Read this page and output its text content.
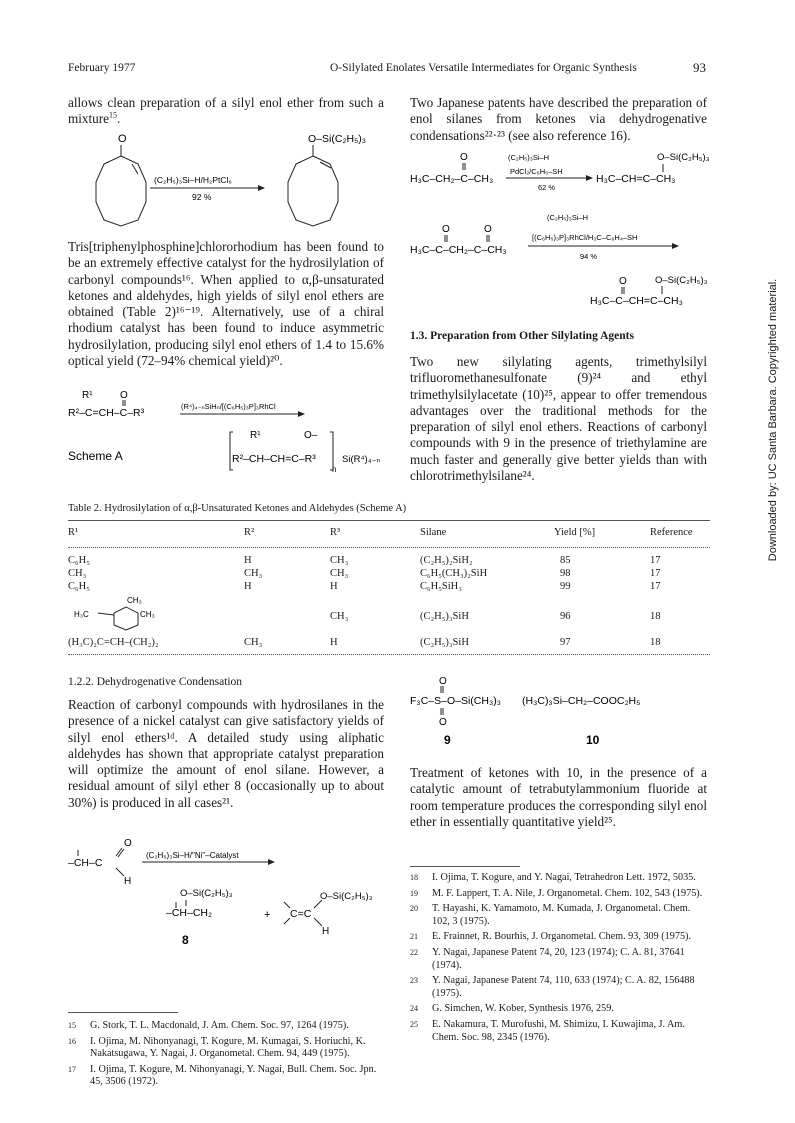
February 1977	O-Silylated Enolates Versatile Intermediates for Organic Synthesis	93
allows clean preparation of a silyl enol ether from such a mixture$^{15}$.
O
(C₂H₅)₃Si–H/H₂PtCl₆
92 %
O–Si(C₂H₅)₃
Tris[triphenylphosphine]chlororhodium has been found to be an extremely effective catalyst for the hydrosilylation of carbonyl compounds¹⁶. When applied to α,β-unsaturated ketones and aldehydes, high yields of silyl enol ethers are obtained (Table 2)¹⁶⁻¹⁹. Alternatively, use of a chiral rhodium catalyst has been found to induce asymmetric hydrosilylation, producing silyl enol ethers of 1.4 to 15.6% optical yield (72–94% chemical yield)²⁰.
R¹	O
R²–C=CH–C–R³
(R⁴)₄₋ₙSiHₙ/[(C₆H₅)₃P]₃RhCl
Scheme A
R¹	O–
R²–CH–CH=C–R³
n
Si(R⁴)₄₋ₙ
Two Japanese patents have described the preparation of enol silanes from ketones via dehydrogenative condensations²²·²³ (see also reference 16).
O
H₃C–CH₂–C–CH₃
(C₂H₅)₃Si–H
PdCl₂/C₆H₅–SH
62 %
H₃C–CH=C–CH₃
O–Si(C₂H₅)₃
O	O
H₃C–C–CH₂–C–CH₃
(C₂H₅)₃Si–H
[(C₆H₅)₃P]₃RhCl/H₃C–C₆H₄–SH
94 %
H₃C–C–CH=C–CH₃
O	O–Si(C₂H₅)₃
1.3. Preparation from Other Silylating Agents
Two new silylating agents, trimethylsilyl trifluoromethanesulfonate (9)²⁴ and ethyl trimethylsilylacetate (10)²⁵, appear to offer tremendous advantages over the traditional methods for the preparation of silyl enol ethers. Reactions of carbonyl compounds with 9 in the presence of triethylamine are much faster and generally give better yields than with chlorotrimethylsilane²⁴.
Table 2. Hydrosilylation of α,β-Unsaturated Ketones and Aldehydes (Scheme A)
R¹	R²	R³	Silane	Yield [%]	Reference
C₆H₅	H	CH₃	(C₂H₅)₂SiH₂	85	17
CH₃	CH₃	CH₃	C₆H₅(CH₃)₂SiH	98	17
C₆H₅	H	H	C₆H₅SiH₃	99	17
CH₃
H₃C	CH₃	CH₃	(C₂H₅)₃SiH	96	18
(H₃C)₂C=CH–(CH₂)₂	CH₃	H	(C₂H₅)₃SiH	97	18
1.2.2. Dehydrogenative Condensation
Reaction of carbonyl compounds with hydrosilanes in the presence of a nickel catalyst can give satisfactory yields of silyl enol ethers¹ᵈ. A detailed study using aliphatic aldehydes has shown that appropriate catalyst preparation will optimize the amount of enol silane. However, a residual amount of silyl ether 8 (occasionally up to about 30%) is produced in all cases²¹.
O
–CH–C
H
(C₂H₅)₃Si–H/"Ni"–Catalyst
O–Si(C₂H₅)₃
–CH–CH₂	+ C=C
O–Si(C₂H₅)₃
H
8
O
F₃C–S–O–Si(CH₃)₃
O
(H₃C)₃Si–CH₂–COOC₂H₅
9	10
Treatment of ketones with 10, in the presence of a catalytic amount of tetrabutylammonium fluoride at room temperature produces the corresponding silyl enol ether in essentially quantitative yield²⁵.
15 G. Stork, T. L. Macdonald, J. Am. Chem. Soc. 97, 1264 (1975).
16 I. Ojima, M. Nihonyanagi, T. Kogure, M. Kumagai, S. Horiuchi, K. Nakatsugawa, Y. Nagai, J. Organometal. Chem. 94, 449 (1975).
17 I. Ojima, T. Kogure, M. Nihonyanagi, Y. Nagai, Bull. Chem. Soc. Jpn. 45, 3506 (1972).
18 I. Ojima, T. Kogure, and Y. Nagai, Tetrahedron Lett. 1972, 5035.
19 M. F. Lappert, T. A. Nile, J. Organometal. Chem. 102, 543 (1975).
20 T. Hayashi, K. Yamamoto, M. Kumada, J. Organometal. Chem. 102, 3 (1975).
21 E. Frainnet, R. Bourhis, J. Organometal. Chem. 93, 309 (1975).
22 Y. Nagai, Japanese Patent 74, 20, 123 (1974); C. A. 81, 37641 (1974).
23 Y. Nagai, Japanese Patent 74, 110, 633 (1974); C. A. 82, 156488 (1975).
24 G. Simchen, W. Kober, Synthesis 1976, 259.
25 E. Nakamura, T. Murofushi, M. Shimizu, I. Kuwajima, J. Am. Chem. Soc. 98, 2345 (1976).
Downloaded by: UC Santa Barbara. Copyrighted material.
